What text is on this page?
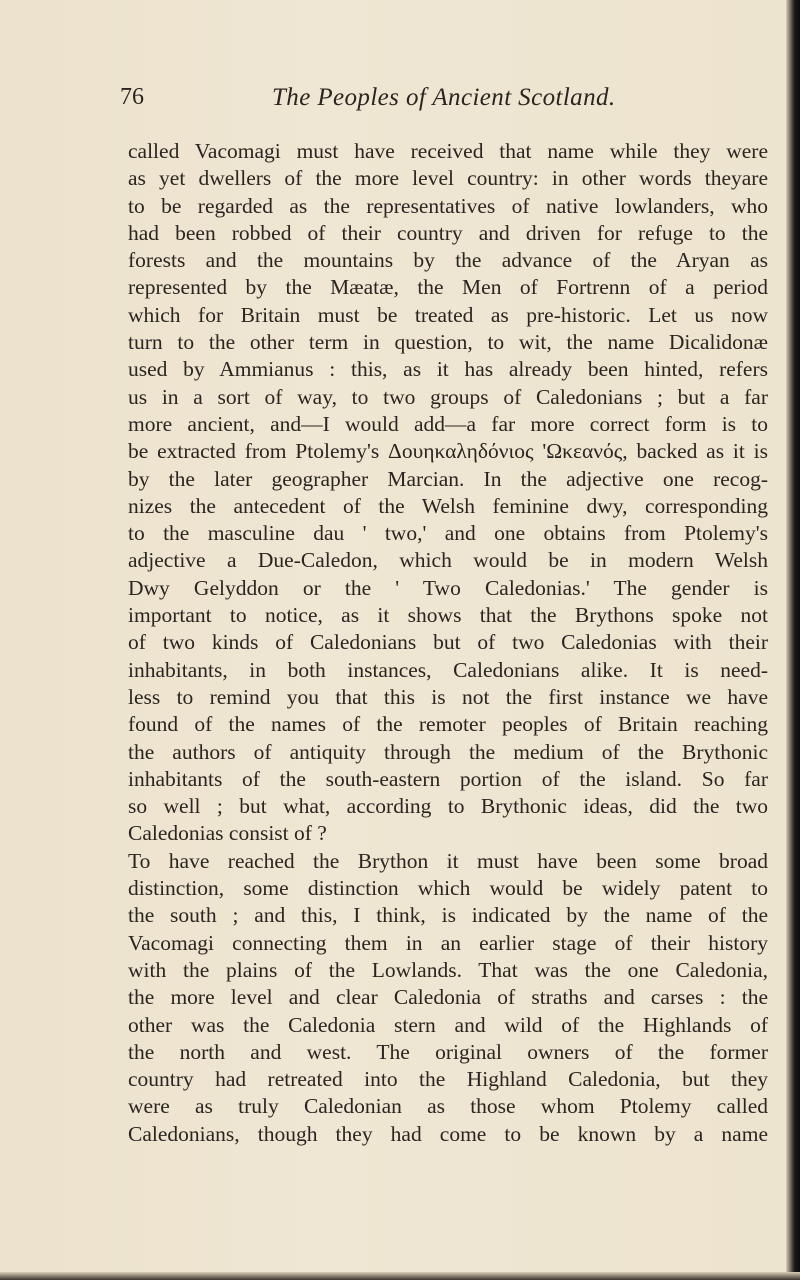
76	The Peoples of Ancient Scotland.
called Vacomagi must have received that name while they were
as yet dwellers of the more level country: in other words theyare
to be regarded as the representatives of native lowlanders, who
had been robbed of their country and driven for refuge to the
forests and the mountains by the advance of the Aryan as
represented by the Mæatæ, the Men of Fortrenn of a period
which for Britain must be treated as pre-historic. Let us now
turn to the other term in question, to wit, the name Dicalidonæ
used by Ammianus : this, as it has already been hinted, refers
us in a sort of way, to two groups of Caledonians ; but a far
more ancient, and—I would add—a far more correct form is to
be extracted from Ptolemy's Δουηκαλ​ηδόνιος 'Ωκεανός, backed as it is
by the later geographer Marcian. In the adjective one recog-
nizes the antecedent of the Welsh feminine dwy, corresponding
to the masculine dau ' two,' and one obtains from Ptolemy's
adjective a Due-Caledon, which would be in modern Welsh
Dwy Gelyddon or the ' Two Caledonias.' The gender is
important to notice, as it shows that the Brythons spoke not
of two kinds of Caledonians but of two Caledonias with their
inhabitants, in both instances, Caledonians alike. It is need-
less to remind you that this is not the first instance we have
found of the names of the remoter peoples of Britain reaching
the authors of antiquity through the medium of the Brythonic
inhabitants of the south-eastern portion of the island. So far
so well ; but what, according to Brythonic ideas, did the two
Caledonias consist of ?
To have reached the Brython it must have been some broad
distinction, some distinction which would be widely patent to
the south ; and this, I think, is indicated by the name of the
Vacomagi connecting them in an earlier stage of their history
with the plains of the Lowlands. That was the one Caledonia,
the more level and clear Caledonia of straths and carses : the
other was the Caledonia stern and wild of the Highlands of
the north and west. The original owners of the former
country had retreated into the Highland Caledonia, but they
were as truly Caledonian as those whom Ptolemy called
Caledonians, though they had come to be known by a name
